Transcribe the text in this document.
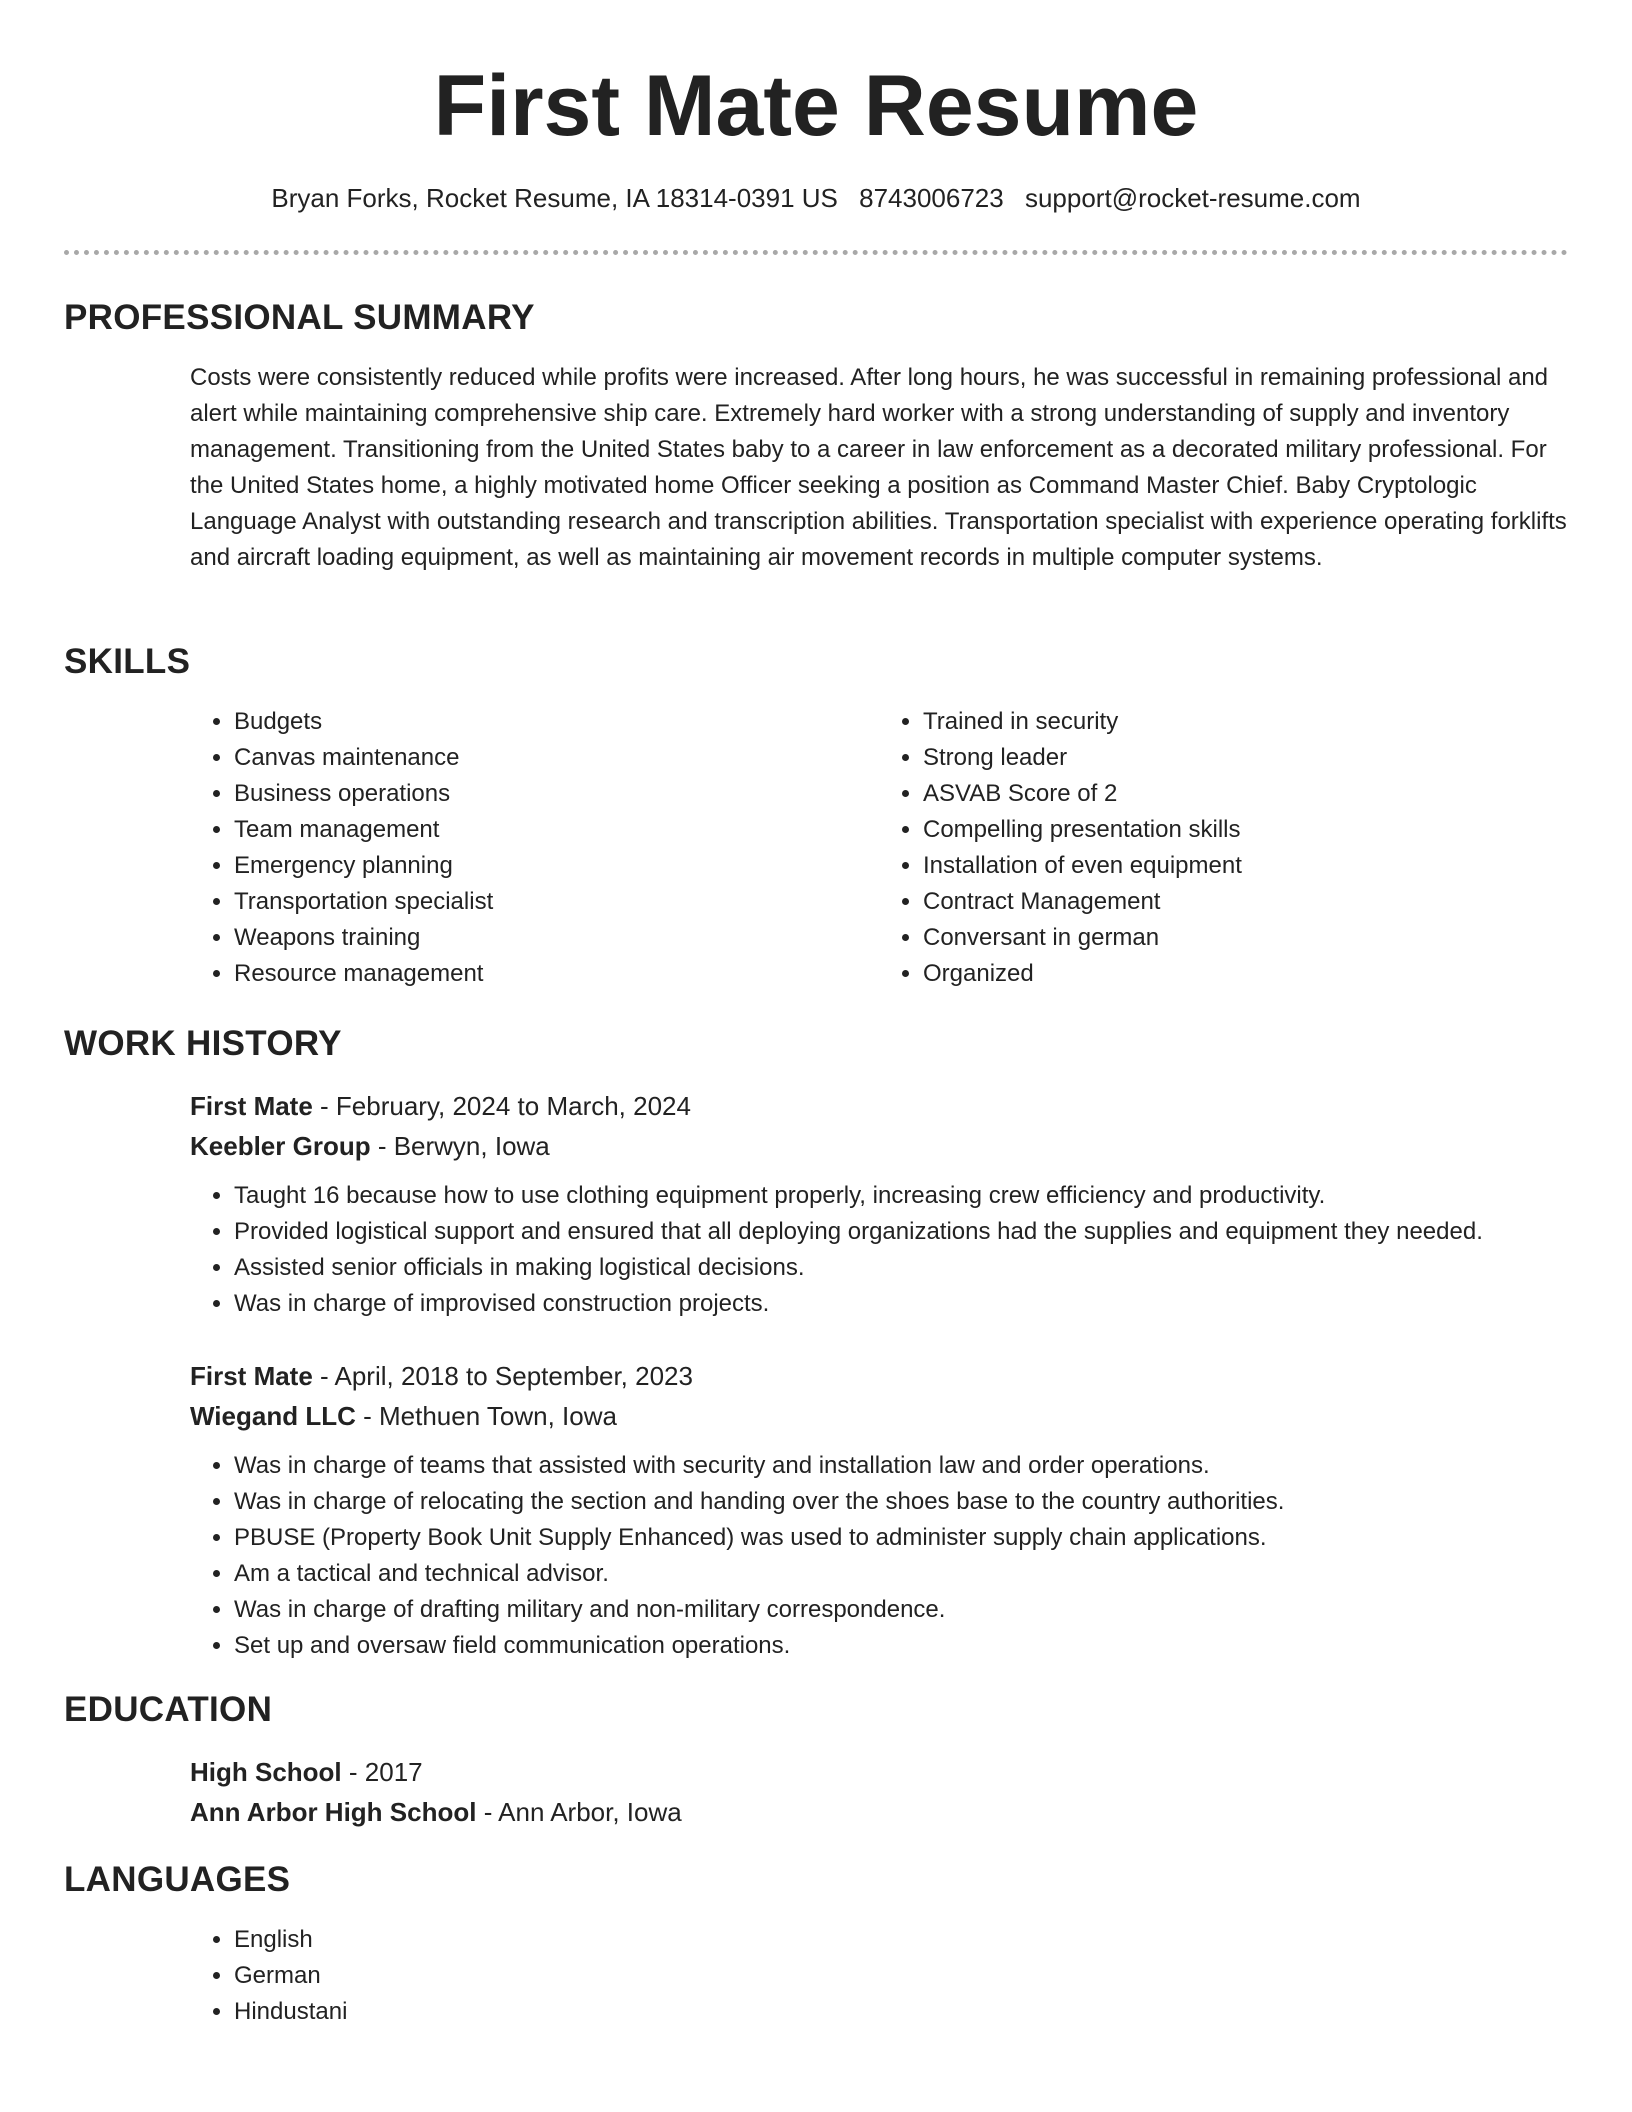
First Mate Resume
Bryan Forks, Rocket Resume, IA 18314-0391 US 8743006723 support@rocket-resume.com
PROFESSIONAL SUMMARY

Costs were consistently reduced while profits were increased. After long hours, he was successful in remaining professional and alert while maintaining comprehensive ship care. Extremely hard worker with a strong understanding of supply and inventory management. Transitioning from the United States baby to a career in law enforcement as a decorated military professional. For the United States home, a highly motivated home Officer seeking a position as Command Master Chief. Baby Cryptologic Language Analyst with outstanding research and transcription abilities. Transportation specialist with experience operating forklifts and aircraft loading equipment, as well as maintaining air movement records in multiple computer systems.

SKILLS
• Budgets
• Canvas maintenance
• Business operations
• Team management
• Emergency planning
• Transportation specialist
• Weapons training
• Resource management
• Trained in security
• Strong leader
• ASVAB Score of 2
• Compelling presentation skills
• Installation of even equipment
• Contract Management
• Conversant in german
• Organized
WORK HISTORY
First Mate - February, 2024 to March, 2024
Keebler Group - Berwyn, Iowa
• Taught 16 because how to use clothing equipment properly, increasing crew efficiency and productivity.
• Provided logistical support and ensured that all deploying organizations had the supplies and equipment they needed.
• Assisted senior officials in making logistical decisions.
• Was in charge of improvised construction projects.
First Mate - April, 2018 to September, 2023
Wiegand LLC - Methuen Town, Iowa
• Was in charge of teams that assisted with security and installation law and order operations.
• Was in charge of relocating the section and handing over the shoes base to the country authorities.
• PBUSE (Property Book Unit Supply Enhanced) was used to administer supply chain applications.
• Am a tactical and technical advisor.
• Was in charge of drafting military and non-military correspondence.
• Set up and oversaw field communication operations.
EDUCATION
High School - 2017
Ann Arbor High School - Ann Arbor, Iowa
LANGUAGES
• English
• German
• Hindustani
